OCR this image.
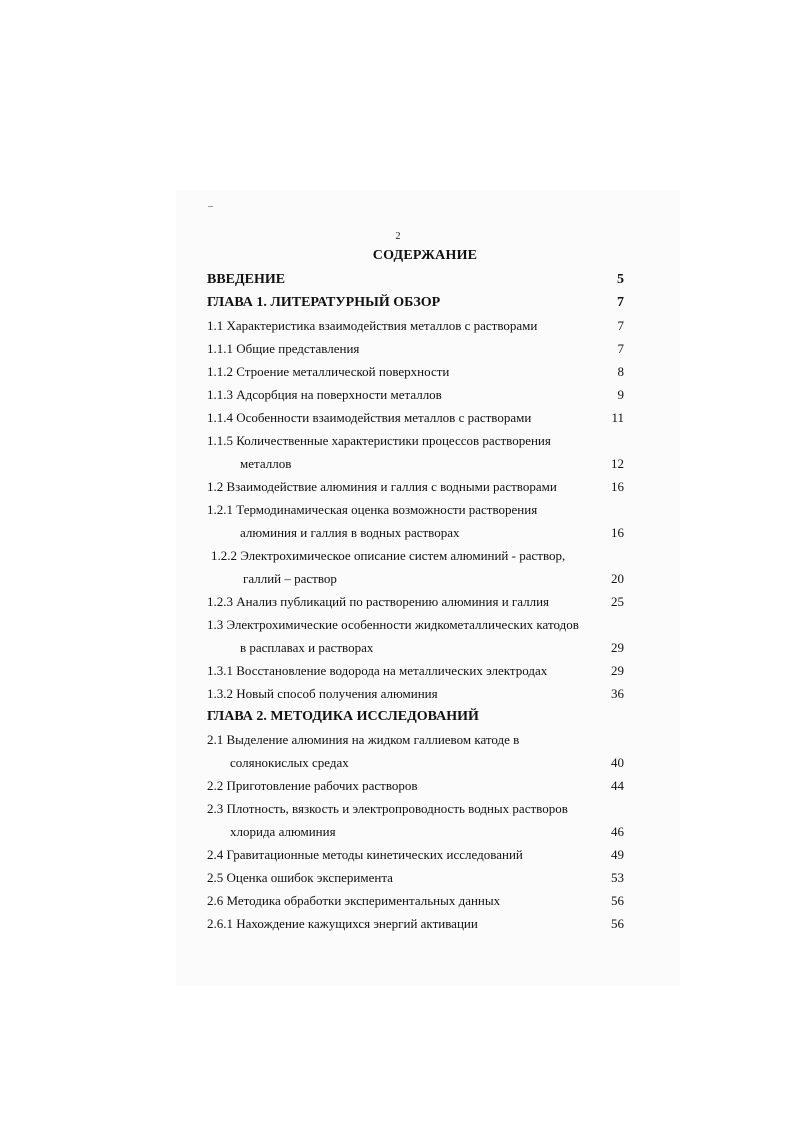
2
СОДЕРЖАНИЕ
ВВЕДЕНИЕ	5
ГЛАВА 1. ЛИТЕРАТУРНЫЙ ОБЗОР	7
1.1 Характеристика взаимодействия металлов с растворами	7
1.1.1 Общие представления	7
1.1.2 Строение металлической поверхности	8
1.1.3 Адсорбция на поверхности металлов	9
1.1.4 Особенности взаимодействия металлов с растворами	11
1.1.5 Количественные характеристики процессов растворения
металлов	12
1.2 Взаимодействие алюминия и галлия с водными растворами	16
1.2.1 Термодинамическая оценка возможности растворения
алюминия и галлия в водных растворах	16
1.2.2 Электрохимическое описание систем алюминий - раствор,
галлий – раствор	20
1.2.3 Анализ публикаций по растворению алюминия и галлия	25
1.3 Электрохимические особенности жидкометаллических катодов
в расплавах и растворах	29
1.3.1 Восстановление водорода на металлических электродах	29
1.3.2 Новый способ получения алюминия	36
ГЛАВА 2. МЕТОДИКА ИССЛЕДОВАНИЙ
2.1 Выделение алюминия на жидком галлиевом катоде в
солянокислых средах	40
2.2 Приготовление рабочих растворов	44
2.3 Плотность, вязкость и электропроводность водных растворов
хлорида алюминия	46
2.4 Гравитационные методы кинетических исследований	49
2.5 Оценка ошибок эксперимента	53
2.6 Методика обработки экспериментальных данных	56
2.6.1 Нахождение кажущихся энергий активации	56
